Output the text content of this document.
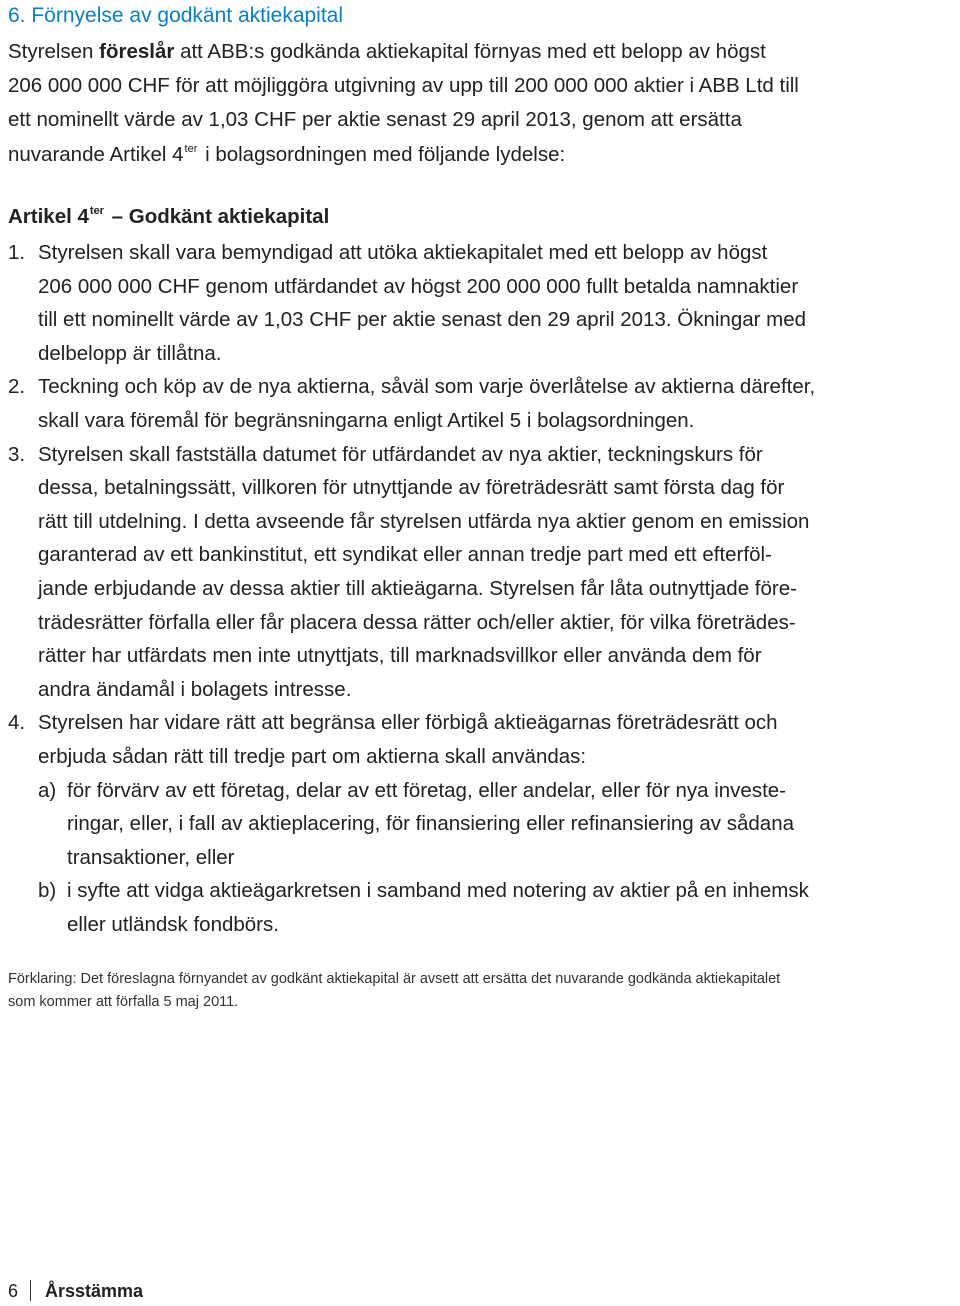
6. Förnyelse av godkänt aktiekapital
Styrelsen föreslår att ABB:s godkända aktiekapital förnyas med ett belopp av högst
206 000 000 CHF för att möjliggöra utgivning av upp till 200 000 000 aktier i ABB Ltd till
ett nominellt värde av 1,03 CHF per aktie senast 29 april 2013, genom att ersätta
nuvarande Artikel $4^{ter}$ i bolagsordningen med följande lydelse:
Artikel $4^{ter}$ – Godkänt aktiekapital
1. Styrelsen skall vara bemyndigad att utöka aktiekapitalet med ett belopp av högst
206 000 000 CHF genom utfärdandet av högst 200 000 000 fullt betalda namnaktier
till ett nominellt värde av 1,03 CHF per aktie senast den 29 april 2013. Ökningar med
delbelopp är tillåtna.
2. Teckning och köp av de nya aktierna, såväl som varje överlåtelse av aktierna därefter,
skall vara föremål för begränsningarna enligt Artikel 5 i bolagsordningen.
3. Styrelsen skall fastställa datumet för utfärdandet av nya aktier, teckningskurs för
dessa, betalningssätt, villkoren för utnyttjande av företrädesrätt samt första dag för
rätt till utdelning. I detta avseende får styrelsen utfärda nya aktier genom en emission
garanterad av ett bankinstitut, ett syndikat eller annan tredje part med ett efterföl-
jande erbjudande av dessa aktier till aktieägarna. Styrelsen får låta outnyttjade före-
trädesrätter förfalla eller får placera dessa rätter och/eller aktier, för vilka företrädes-
rätter har utfärdats men inte utnyttjats, till marknadsvillkor eller använda dem för
andra ändamål i bolagets intresse.
4. Styrelsen har vidare rätt att begränsa eller förbigå aktieägarnas företrädesrätt och
erbjuda sådan rätt till tredje part om aktierna skall användas:
a) för förvärv av ett företag, delar av ett företag, eller andelar, eller för nya investe-
ringar, eller, i fall av aktieplacering, för finansiering eller refinansiering av sådana
transaktioner, eller
b) i syfte att vidga aktieägarkretsen i samband med notering av aktier på en inhemsk
eller utländsk fondbörs.
Förklaring: Det föreslagna förnyandet av godkänt aktiekapital är avsett att ersätta det nuvarande godkända aktiekapitalet
som kommer att förfalla 5 maj 2011.
6 Årsstämma
